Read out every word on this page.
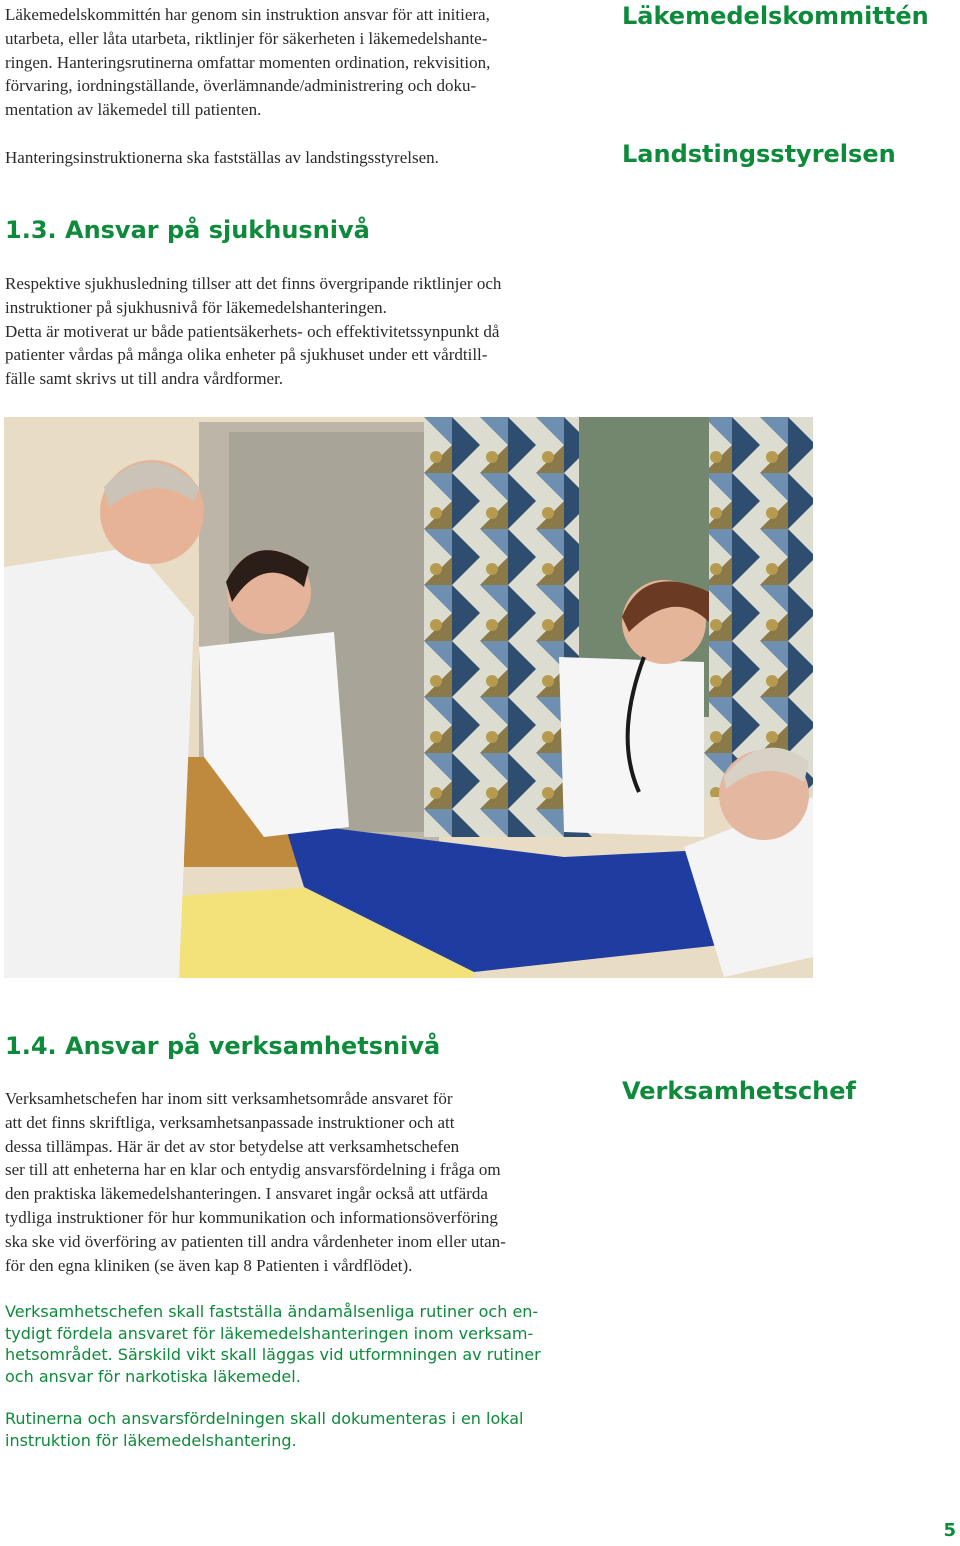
Läkemedelskommittén har genom sin instruktion ansvar för att initiera,
utarbeta, eller låta utarbeta, riktlinjer för säkerheten i läkemedelshante-
ringen. Hanteringsrutinerna omfattar momenten ordination, rekvisition,
förvaring, iordningställande, överlämnande/administrering och doku-
mentation av läkemedel till patienten.

Hanteringsinstruktionerna ska fastställas av landstingsstyrelsen.

Läkemedelskommittén
Landstingsstyrelsen
1.3. Ansvar på sjukhusnivå
Respektive sjukhusledning tillser att det finns övergripande riktlinjer och
instruktioner på sjukhusnivå för läkemedelshanteringen.
Detta är motiverat ur både patientsäkerhets- och effektivitetssynpunkt då
patienter vårdas på många olika enheter på sjukhuset under ett vårdtill-
fälle samt skrivs ut till andra vårdformer.
1.4. Ansvar på verksamhetsnivå
Verksamhetschef
Verksamhetschefen har inom sitt verksamhetsområde ansvaret för
att det finns skriftliga, verksamhetsanpassade instruktioner och att
dessa tillämpas. Här är det av stor betydelse att verksamhetschefen
ser till att enheterna har en klar och entydig ansvarsfördelning i fråga om
den praktiska läkemedelshanteringen. I ansvaret ingår också att utfärda
tydliga instruktioner för hur kommunikation och informationsöverföring
ska ske vid överföring av patienten till andra vårdenheter inom eller utan-
för den egna kliniken (se även kap 8 Patienten i vårdflödet).
Verksamhetschefen skall fastställa ändamålsenliga rutiner och en-
tydigt fördela ansvaret för läkemedelshanteringen inom verksam-
hetsområdet. Särskild vikt skall läggas vid utformningen av rutiner
och ansvar för narkotiska läkemedel.
Rutinerna och ansvarsfördelningen skall dokumenteras i en lokal
instruktion för läkemedelshantering.
5
